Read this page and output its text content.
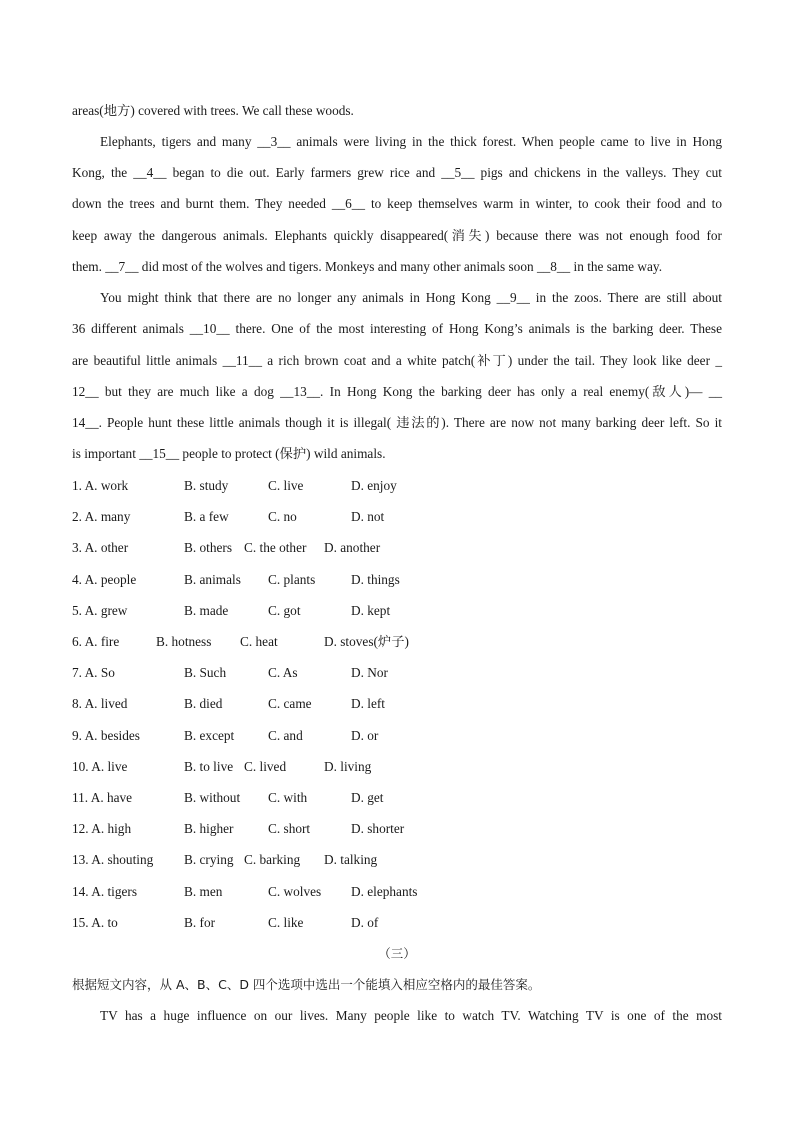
areas(地方) covered with trees. We call these woods.
Elephants, tigers and many __3__ animals were living in the thick forest. When people came to live in Hong
Kong, the __4__ began to die out. Early farmers grew rice and __5__ pigs and chickens in the valleys. They cut
down the trees and burnt them. They needed __6__ to keep themselves warm in winter, to cook their food and to
keep away the dangerous animals. Elephants quickly disappeared(消失) because there was not enough food for
them. __7__ did most of the wolves and tigers. Monkeys and many other animals soon __8__ in the same way.
You might think that there are no longer any animals in Hong Kong __9__ in the zoos. There are still about
36 different animals __10__ there. One of the most interesting of Hong Kong’s animals is the barking deer. These
are beautiful little animals __11__ a rich brown coat and a white patch(补丁) under the tail. They look like deer _
12__ but they are much like a dog __13__. In Hong Kong the barking deer has only a real enemy(敌人)— __
14__. People hunt these little animals though it is illegal( 违法的). There are now not many barking deer left. So it
is important __15__ people to protect (保护) wild animals.
1. A. work	B. study	C. live	D. enjoy
2. A. many	B. a few	C. no	D. not
3. A. other	B. others C. the other D. another
4. A. people	B. animals C. plants	D. things
5. A. grew	B. made	C. got	D. kept
6. A. fire	B. hotness C. heat	D. stoves(炉子)
7. A. So	B. Such	C. As	D. Nor
8. A. lived	B. died	C. came	D. left
9. A. besides	B. except	C. and	D. or
10. A. live	B. to live C. lived	D. living
11. A. have	B. without C. with	D. get
12. A. high	B. higher	C. short	D. shorter
13. A. shouting B. crying C. barking D. talking
14. A. tigers	B. men	C. wolves D. elephants
15. A. to	B. for	C. like	D. of
（三）
根据短文内容，从 A、B、C、D 四个选项中选出一个能填入相应空格内的最佳答案。
TV has a huge influence on our lives. Many people like to watch TV. Watching TV is one of the most
